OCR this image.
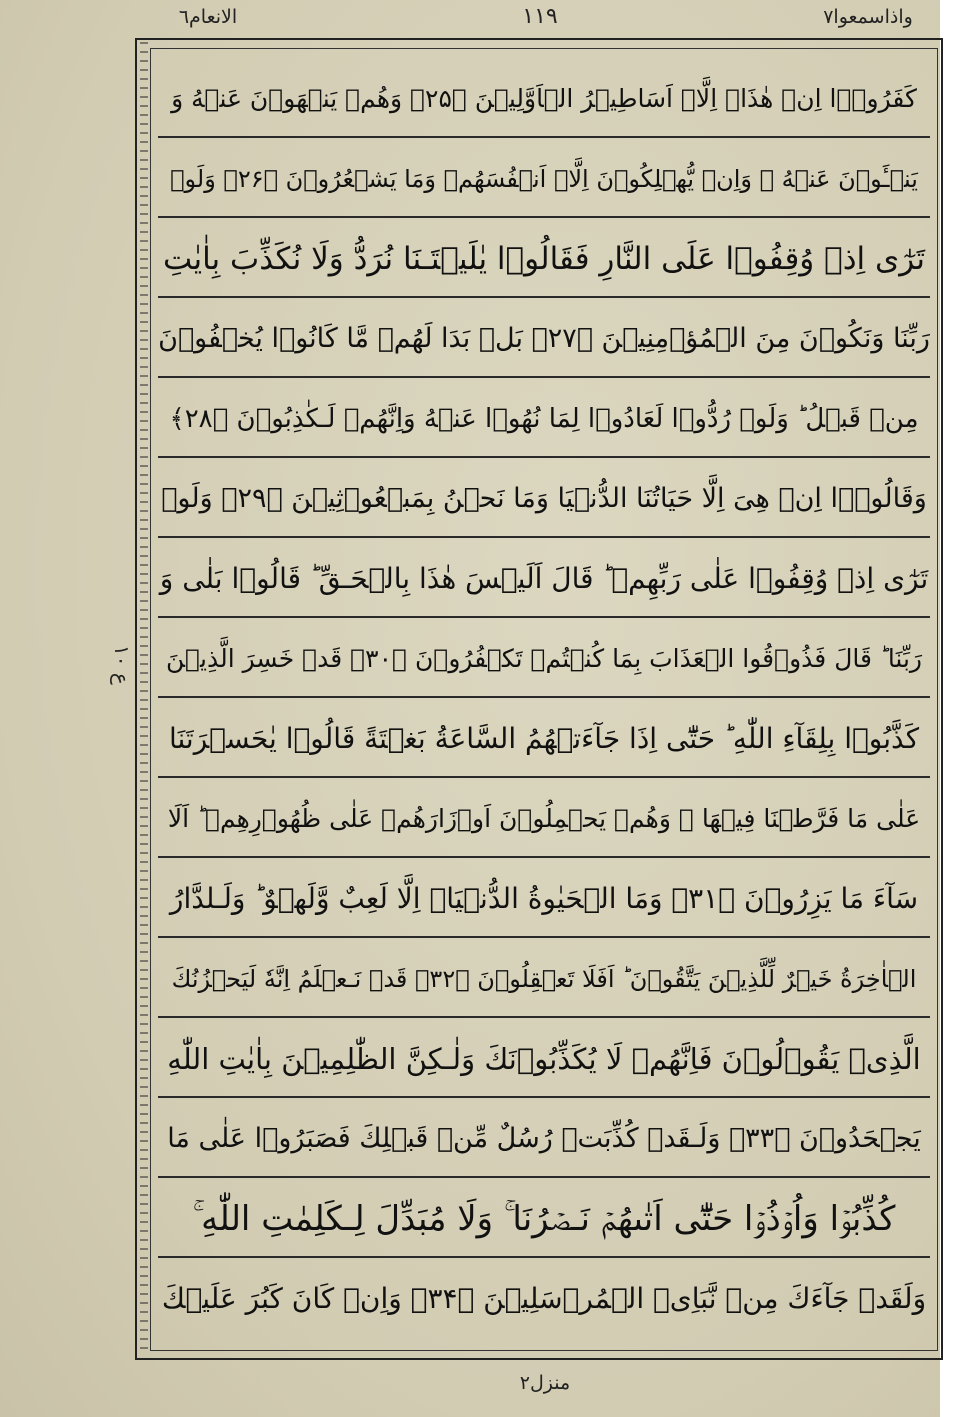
الانعام٦	١١٩	واذاسمعوا٧
ع ١٠
كَفَرُوۡۤا اِنۡ هٰذَاۤ اِلَّاۤ اَسَاطِيۡرُ الۡاَوَّلِيۡنَ ﴿۲۵﴾ وَهُمۡ يَنۡهَوۡنَ عَنۡهُ وَ
يَنۡـَٔوۡنَ عَنۡهُ‌ ۚ وَاِنۡ يُّهۡلِكُوۡنَ اِلَّاۤ اَنۡفُسَهُمۡ وَمَا يَشۡعُرُوۡنَ ﴿۲۶﴾ وَلَوۡ
تَرٰٓى اِذۡ وُقِفُوۡا عَلَى النَّارِ فَقَالُوۡا يٰلَيۡتَـنَا نُرَدُّ وَلَا نُكَذِّبَ بِاٰيٰتِ
رَبِّنَا وَنَكُوۡنَ مِنَ الۡمُؤۡمِنِيۡنَ ﴿۲۷﴾ بَلۡ بَدَا لَهُمۡ مَّا كَانُوۡا يُخۡفُوۡنَ
مِنۡ قَبۡلُ‌ ؕ وَلَوۡ رُدُّوۡا لَعَادُوۡا لِمَا نُهُوۡا عَنۡهُ وَاِنَّهُمۡ لَـكٰذِبُوۡنَ ﴿۲۸﴾
وَقَالُوۡۤا اِنۡ هِىَ اِلَّا حَيَاتُنَا الدُّنۡيَا وَمَا نَحۡنُ بِمَبۡعُوۡثِيۡنَ ﴿۲۹﴾ وَلَوۡ
تَرٰٓى اِذۡ وُقِفُوۡا عَلٰى رَبِّهِمۡ‌ ؕ قَالَ اَلَيۡسَ هٰذَا بِالۡحَـقِّ‌ ؕ قَالُوۡا بَلٰى وَ
رَبِّنَا‌ ؕ قَالَ فَذُوۡقُوا الۡعَذَابَ بِمَا كُنۡتُمۡ تَكۡفُرُوۡنَ ﴿۳۰﴾ قَدۡ خَسِرَ الَّذِيۡنَ
كَذَّبُوۡا بِلِقَآءِ اللّٰهِ‌ ؕ حَتّٰٓى اِذَا جَآءَتۡهُمُ السَّاعَةُ بَغۡتَةً قَالُوۡا يٰحَسۡرَتَنَا
عَلٰى مَا فَرَّطۡنَا فِيۡهَا ۙ وَهُمۡ يَحۡمِلُوۡنَ اَوۡزَارَهُمۡ عَلٰى ظُهُوۡرِهِمۡ‌ ؕ اَلَا
سَآءَ مَا يَزِرُوۡنَ ﴿۳۱﴾ وَمَا الۡحَيٰوةُ الدُّنۡيَاۤ اِلَّا لَعِبٌ وَّلَهۡوٌ‌ ؕ وَلَـلدَّارُ
الۡاٰخِرَةُ خَيۡرٌ لِّلَّذِيۡنَ يَتَّقُوۡنَ‌ ؕ اَفَلَا تَعۡقِلُوۡنَ ﴿۳۲﴾ قَدۡ نَـعۡلَمُ اِنَّهٗ لَيَحۡزُنُكَ
الَّذِىۡ يَقُوۡلُوۡنَ‌ فَاِنَّهُمۡ لَا يُكَذِّبُوۡنَكَ وَلٰـكِنَّ الظّٰلِمِيۡنَ بِاٰيٰتِ اللّٰهِ
يَجۡحَدُوۡنَ ﴿۳۳﴾ وَلَـقَدۡ كُذِّبَتۡ رُسُلٌ مِّنۡ قَبۡلِكَ فَصَبَرُوۡا عَلٰى مَا
كُذِّبُوۡا وَاُوۡذُوۡا حَتّٰٓى اَتٰٮهُمۡ نَـصۡرُنَا‌ ۚ وَلَا مُبَدِّلَ لِـكَلِمٰتِ اللّٰهِ‌ ۚ
وَلَقَدۡ جَآءَكَ مِنۡ نَّبَاِىۡ الۡمُرۡسَلِيۡنَ ﴿۳۴﴾ وَاِنۡ كَانَ كَبُرَ عَلَيۡكَ
منزل٢
